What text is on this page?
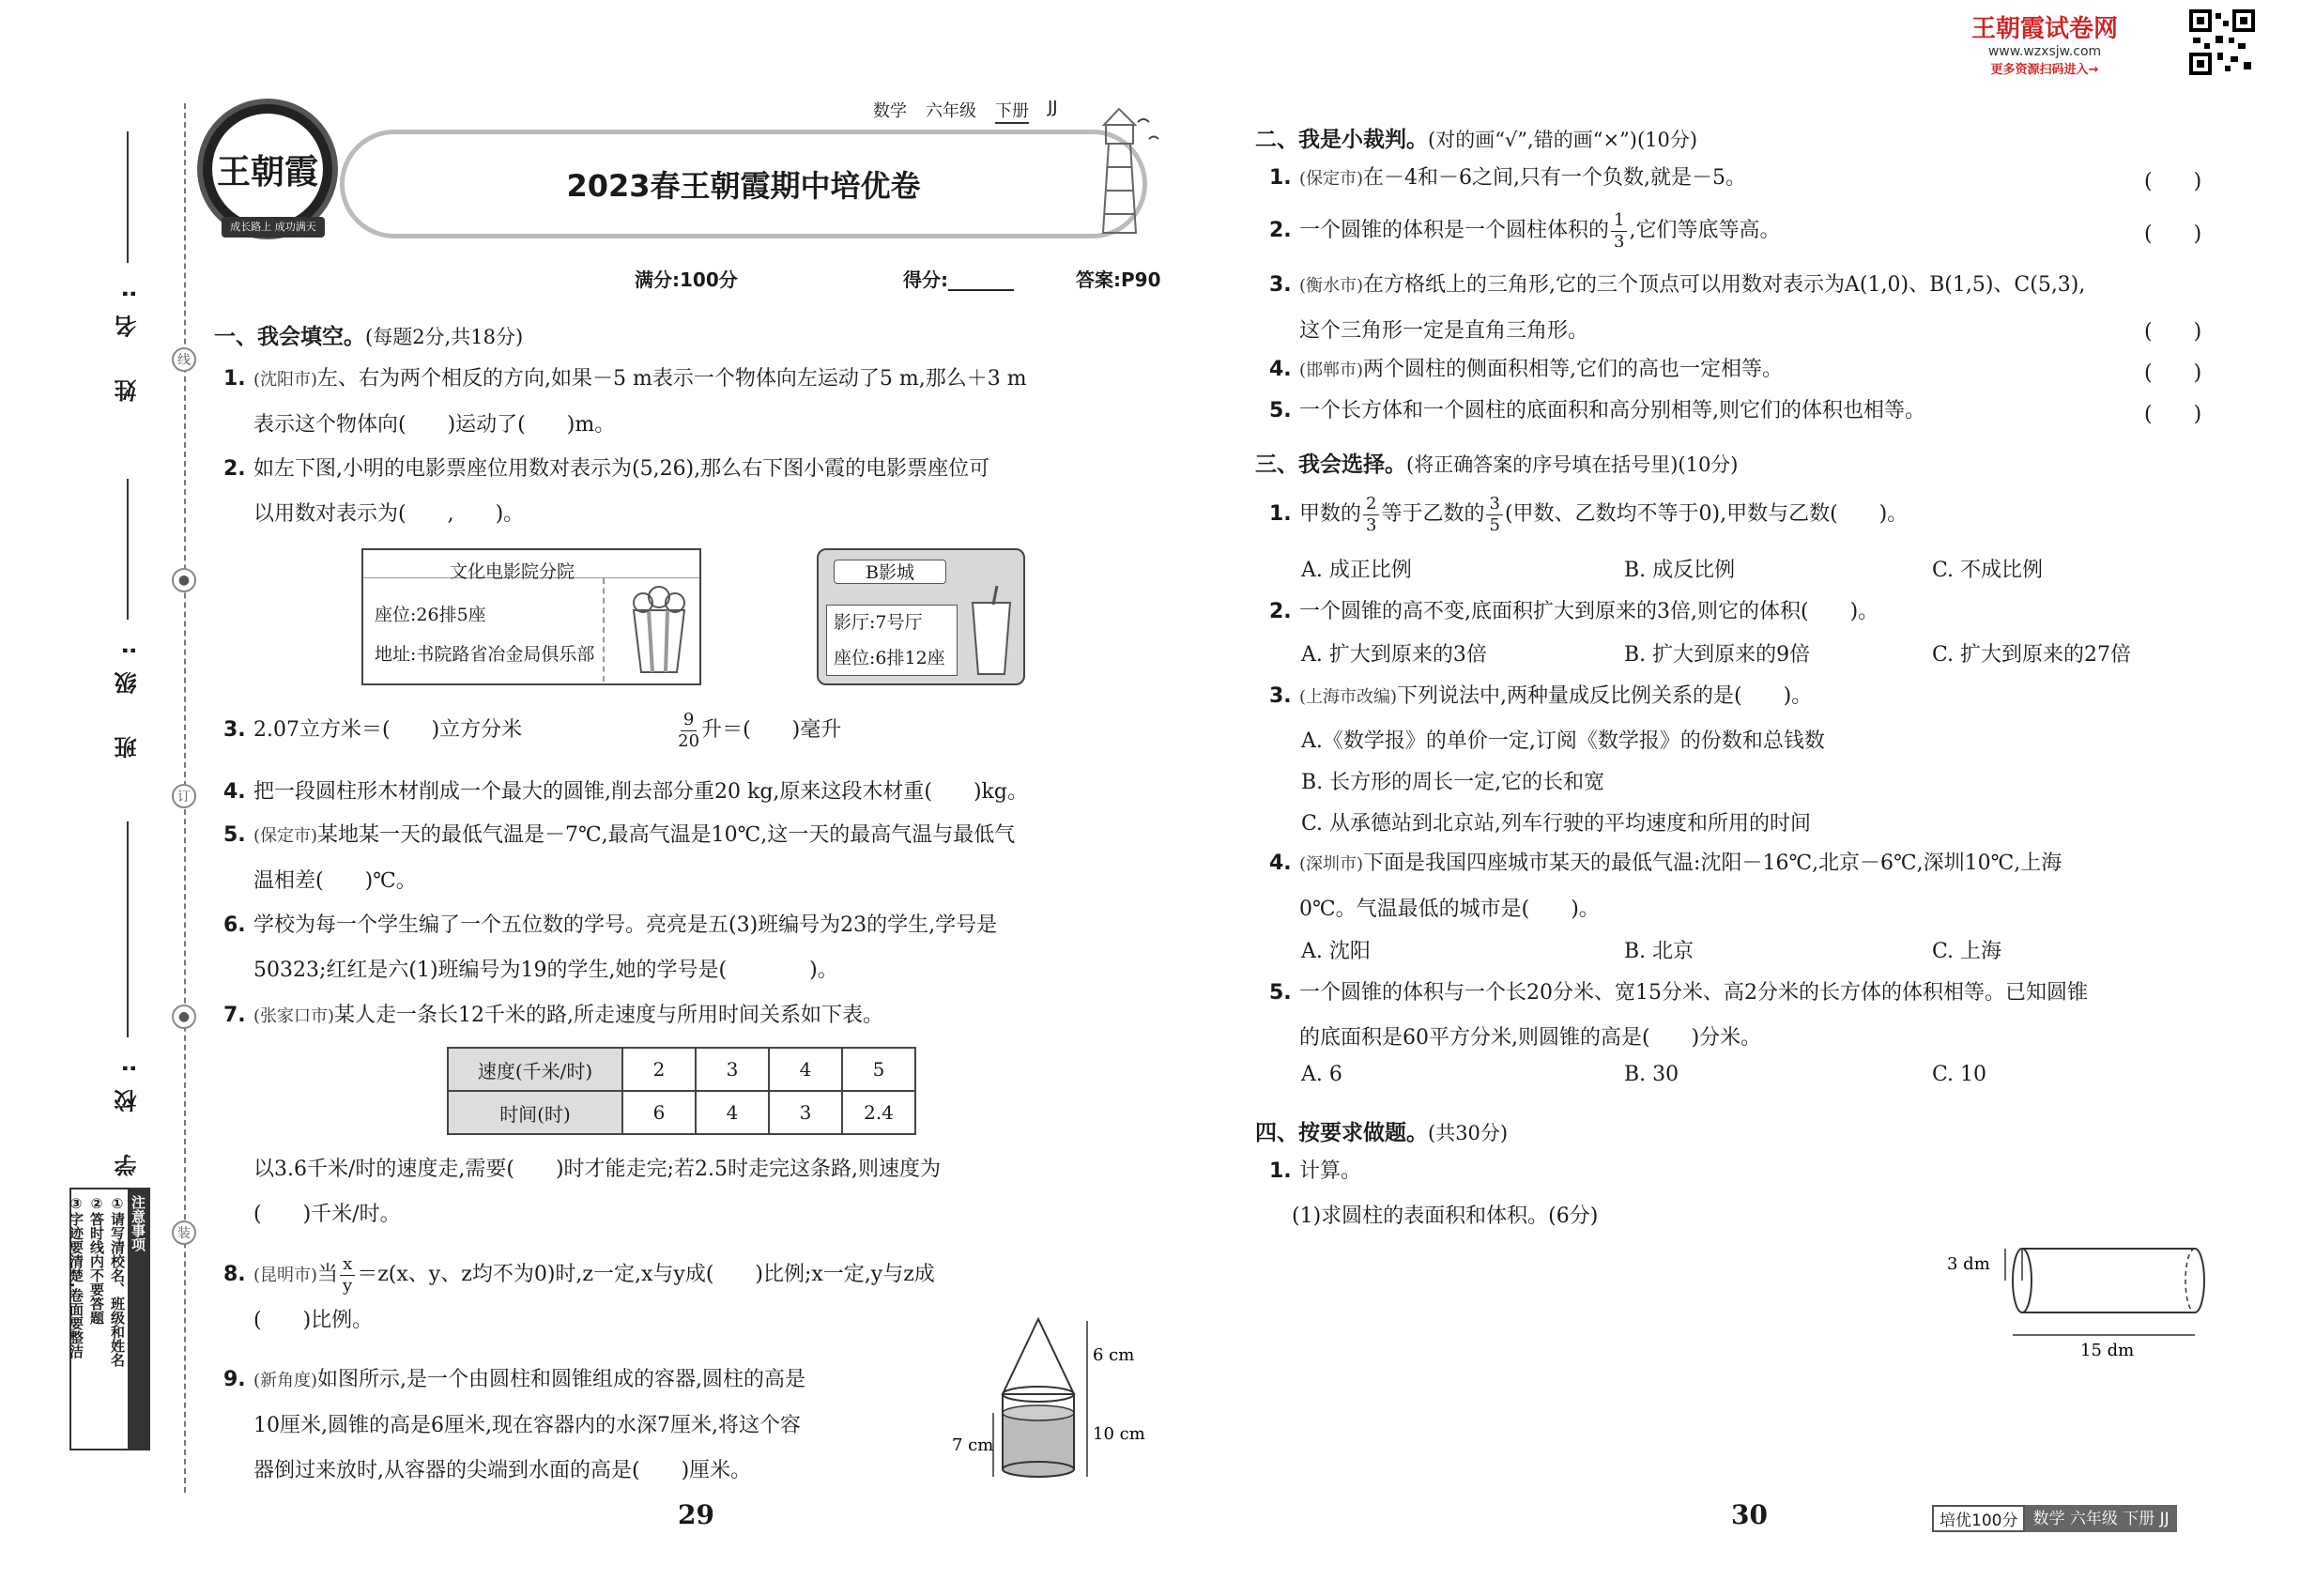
王朝霞试卷网
www.wzxsjw.com
更多资源扫码进入→
姓 名:
班 级:
学 校:
线
●
订
●
装
注意事项
①请写清校名、班级和姓名
②答时线内不要答题
③字迹要清楚,卷面要整洁
王朝霞
成长路上 成功满天
数学 六年级 下册 JJ
2023春王朝霞期中培优卷
满分:100分	得分:_______	答案:P90
一、我会填空。(每题2分,共18分)
1. (沈阳市)左、右为两个相反的方向,如果－5 m表示一个物体向左运动了5 m,那么＋3 m
表示这个物体向(　　)运动了(　　)m。
2. 如左下图,小明的电影票座位用数对表示为(5,26),那么右下图小霞的电影票座位可
以用数对表示为(　　,　　)。
文化电影院分院
座位:26排5座
地址:书院路省冶金局俱乐部
B影城
影厅:7号厅
座位:6排12座
3. 2.07立方米＝(　　)立方分米	$\frac{9}{20}$ 升＝(　　)毫升
4. 把一段圆柱形木材削成一个最大的圆锥,削去部分重20 kg,原来这段木材重(　　)kg。
5. (保定市)某地某一天的最低气温是－7℃,最高气温是10℃,这一天的最高气温与最低气
温相差(　　)℃。
6. 学校为每一个学生编了一个五位数的学号。亮亮是五(3)班编号为23的学生,学号是
50323;红红是六(1)班编号为19的学生,她的学号是(　　　　)。
7. (张家口市)某人走一条长12千米的路,所走速度与所用时间关系如下表。
速度(千米/时)	2	3	4	5
时间(时)	6	4	3	2.4
以3.6千米/时的速度走,需要(　　)时才能走完;若2.5时走完这条路,则速度为
(　　)千米/时。
8. (昆明市)当 $\frac{x}{y} =z(x$、y、z均不为0)时,z一定,x与y成(　　)比例;x一定,y与z成
(　　)比例。
9. (新角度)如图所示,是一个由圆柱和圆锥组成的容器,圆柱的高是
10厘米,圆锥的高是6厘米,现在容器内的水深7厘米,将这个容
器倒过来放时,从容器的尖端到水面的高是(　　)厘米。
6 cm
10 cm
7 cm
29
二、我是小裁判。(对的画“√”,错的画“×”)(10分)
1. (保定市)在－4和－6之间,只有一个负数,就是－5。	(　　)
2. 一个圆锥的体积是一个圆柱体积的 $\frac{1}{3}$ ,它们等底等高。	(　　)
3. (衡水市)在方格纸上的三角形,它的三个顶点可以用数对表示为A(1,0)、B(1,5)、C(5,3),
这个三角形一定是直角三角形。	(　　)
4. (邯郸市)两个圆柱的侧面积相等,它们的高也一定相等。	(　　)
5. 一个长方体和一个圆柱的底面积和高分别相等,则它们的体积也相等。	(　　)
三、我会选择。(将正确答案的序号填在括号里)(10分)
1. 甲数的 $\frac{2}{3}$ 等于乙数的 $\frac{3}{5}$ (甲数、乙数均不等于0),甲数与乙数(　　)。
A. 成正比例	B. 成反比例	C. 不成比例
2. 一个圆锥的高不变,底面积扩大到原来的3倍,则它的体积(　　)。
A. 扩大到原来的3倍	B. 扩大到原来的9倍	C. 扩大到原来的27倍
3. (上海市改编)下列说法中,两种量成反比例关系的是(　　)。
A.《数学报》的单价一定,订阅《数学报》的份数和总钱数
B. 长方形的周长一定,它的长和宽
C. 从承德站到北京站,列车行驶的平均速度和所用的时间
4. (深圳市)下面是我国四座城市某天的最低气温:沈阳－16℃,北京－6℃,深圳10℃,上海
0℃。气温最低的城市是(　　)。
A. 沈阳	B. 北京	C. 上海
5. 一个圆锥的体积与一个长20分米、宽15分米、高2分米的长方体的体积相等。已知圆锥
的底面积是60平方分米,则圆锥的高是(　　)分米。
A. 6	B. 30	C. 10
四、按要求做题。(共30分)
1. 计算。
(1)求圆柱的表面积和体积。(6分)
3 dm
15 dm
30	培优100分 数学 六年级 下册 JJ
